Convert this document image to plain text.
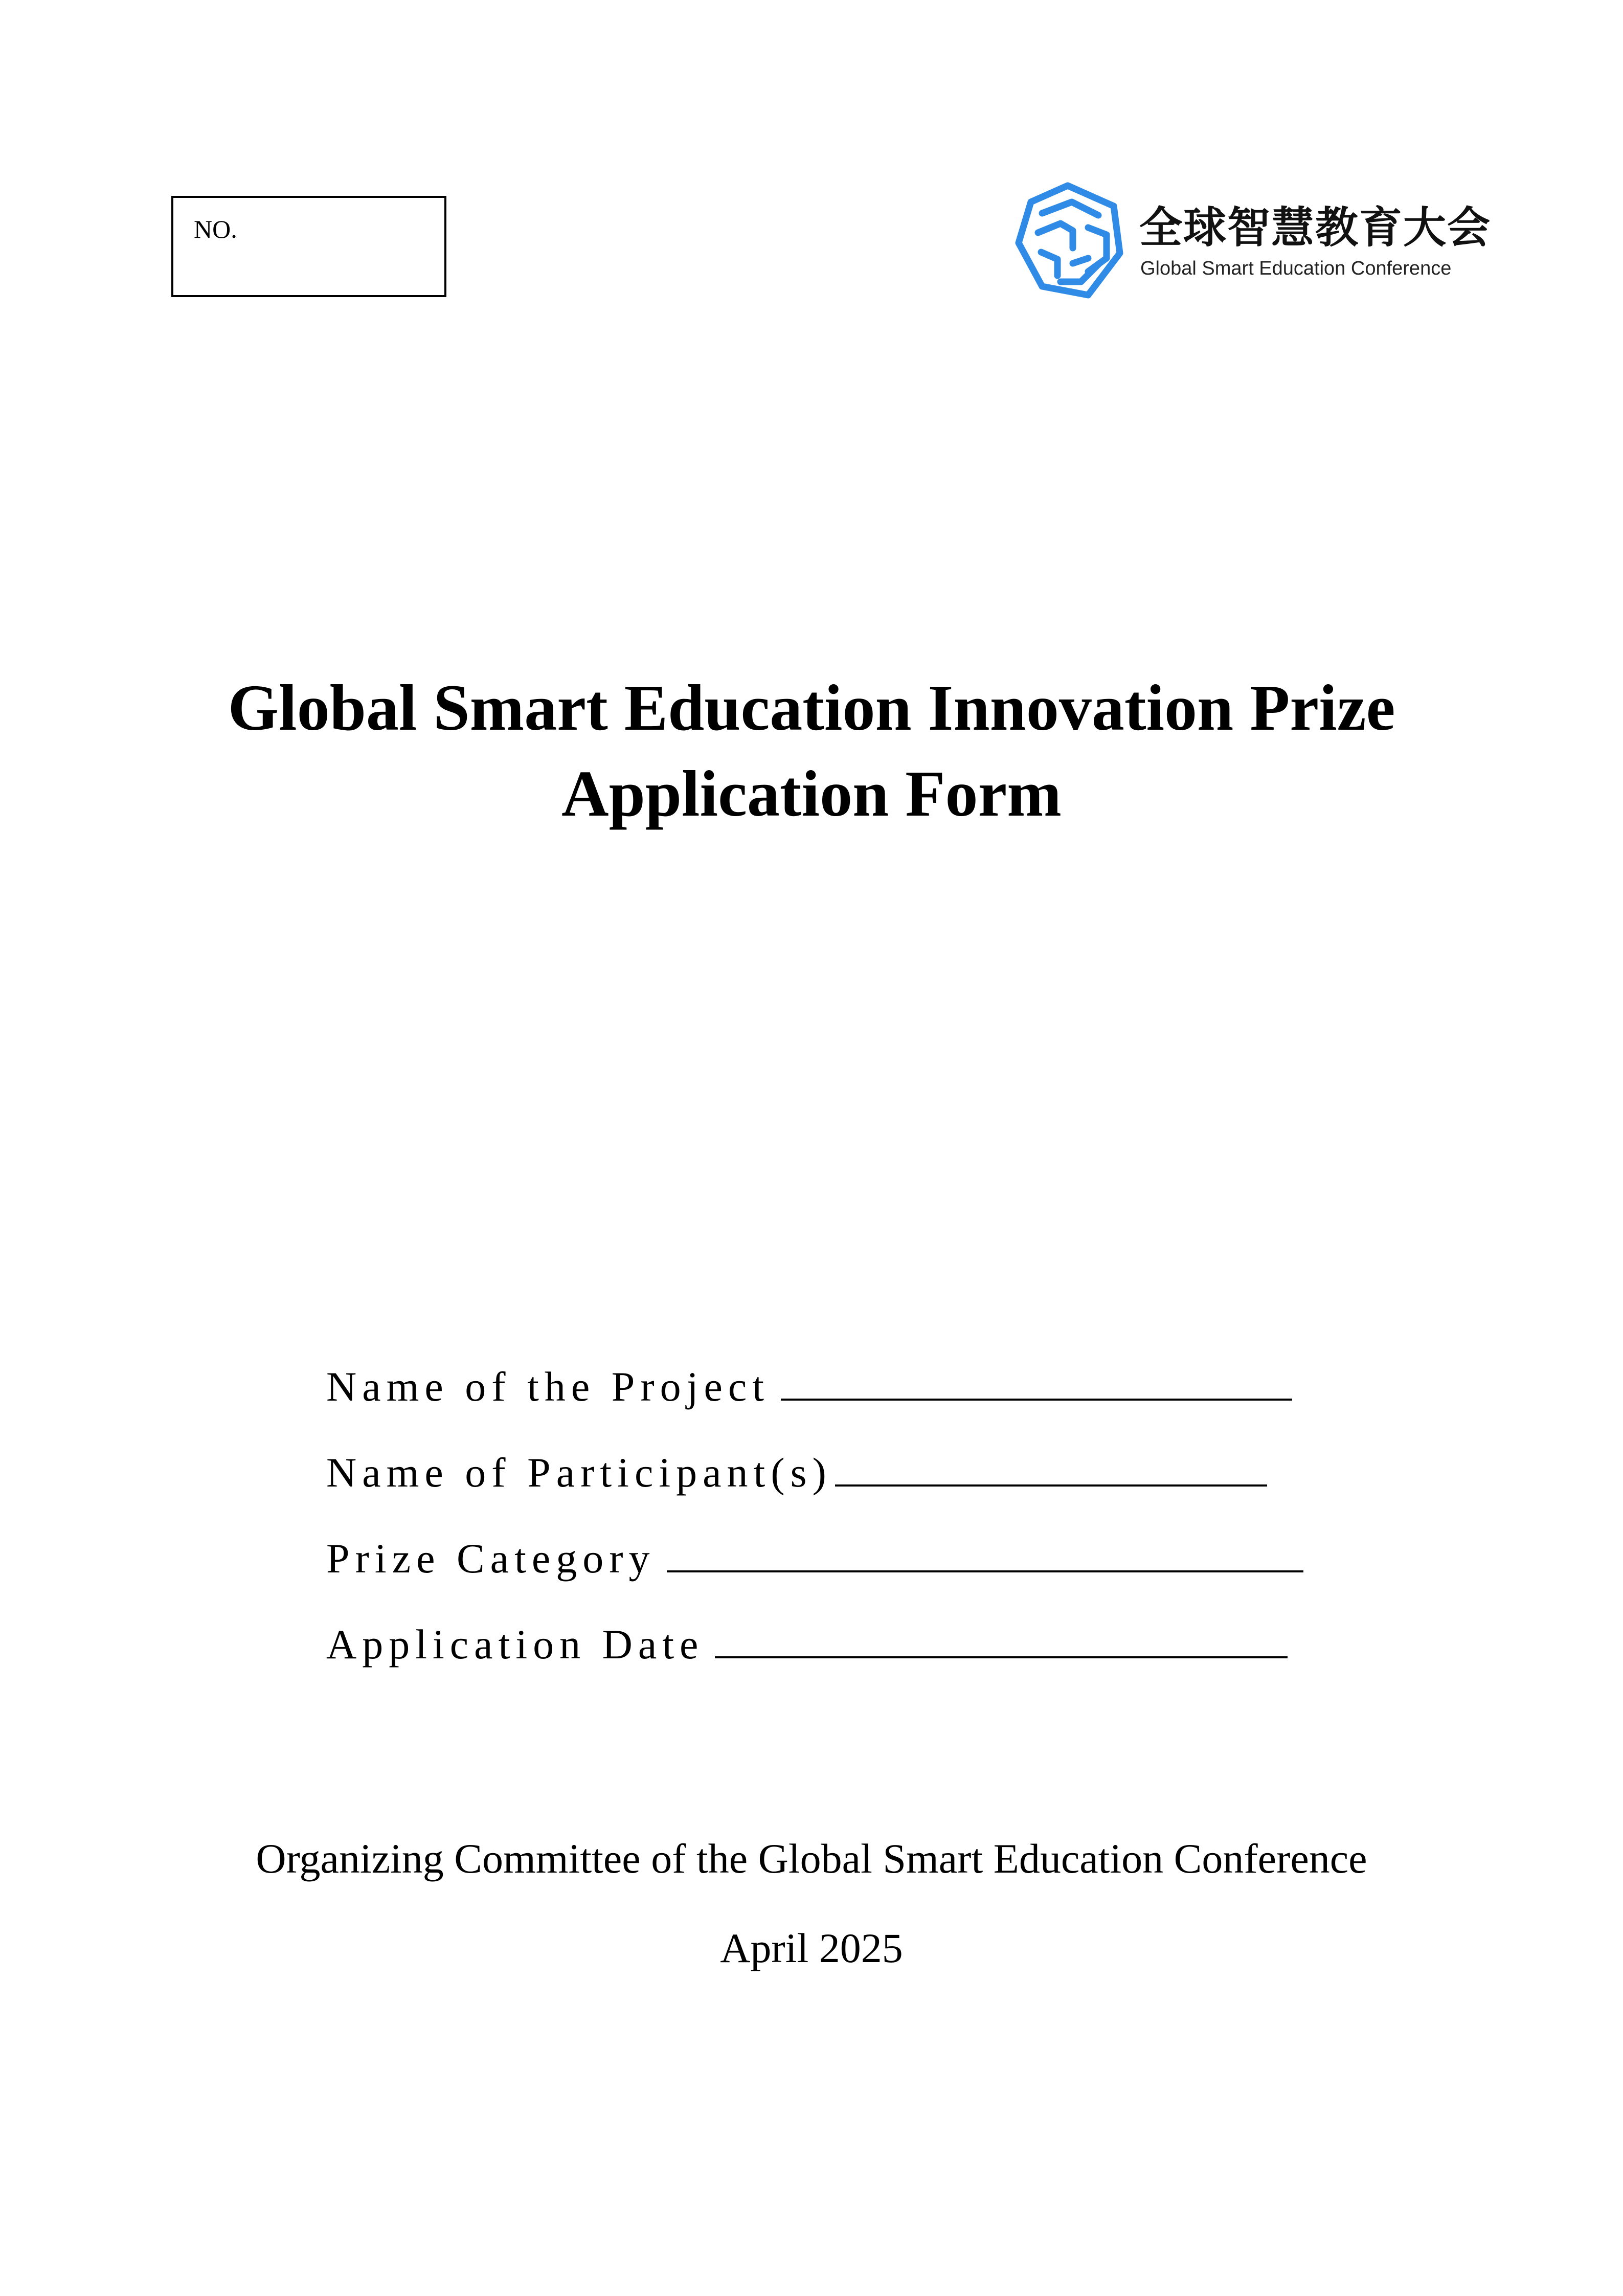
NO.	全球智慧教育大会
Global Smart Education Conference
Global Smart Education Innovation Prize
Application Form
Name of the Project
Name of Participant(s)
Prize Category
Application Date
Organizing Committee of the Global Smart Education Conference
April 2025
